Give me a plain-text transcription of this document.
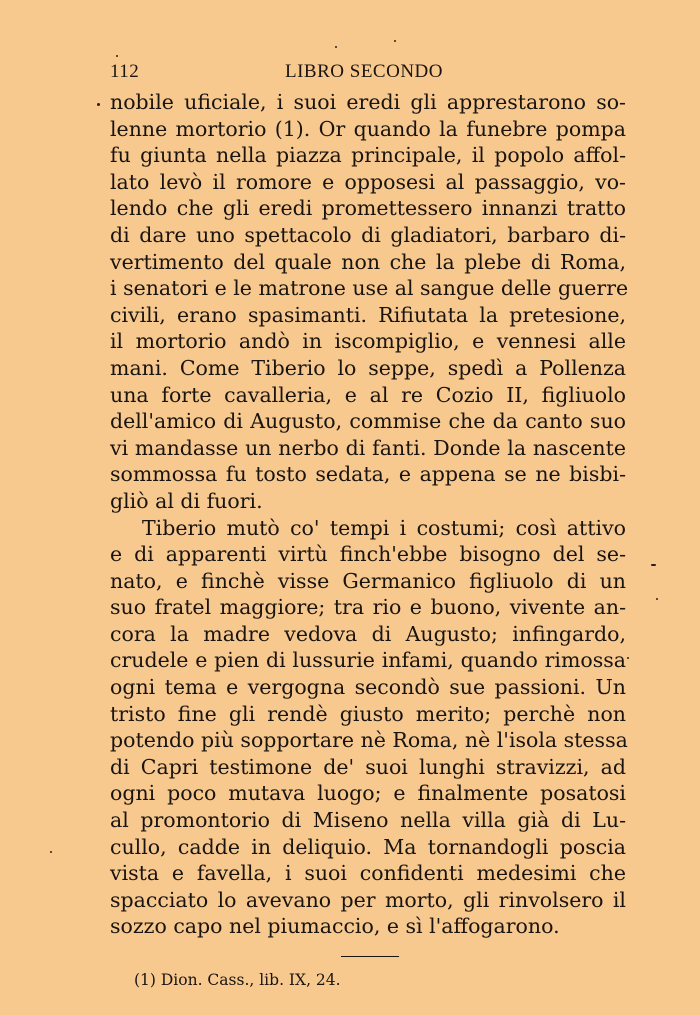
112	LIBRO SECONDO
nobile uficiale, i suoi eredi gli apprestarono so-
lenne mortorio (1). Or quando la funebre pompa
fu giunta nella piazza principale, il popolo affol-
lato levò il romore e opposesi al passaggio, vo-
lendo che gli eredi promettessero innanzi tratto
di dare uno spettacolo di gladiatori, barbaro di-
vertimento del quale non che la plebe di Roma,
i senatori e le matrone use al sangue delle guerre
civili, erano spasimanti. Rifiutata la pretesione,
il mortorio andò in iscompiglio, e vennesi alle
mani. Come Tiberio lo seppe, spedì a Pollenza
una forte cavalleria, e al re Cozio II, figliuolo
dell'amico di Augusto, commise che da canto suo
vi mandasse un nerbo di fanti. Donde la nascente
sommossa fu tosto sedata, e appena se ne bisbi-
gliò al di fuori.
Tiberio mutò co' tempi i costumi; così attivo
e di apparenti virtù finch'ebbe bisogno del se-
nato, e finchè visse Germanico figliuolo di un
suo fratel maggiore; tra rio e buono, vivente an-
cora la madre vedova di Augusto; infingardo,
crudele e pien di lussurie infami, quando rimossa
ogni tema e vergogna secondò sue passioni. Un
tristo fine gli rendè giusto merito; perchè non
potendo più sopportare nè Roma, nè l'isola stessa
di Capri testimone de' suoi lunghi stravizzi, ad
ogni poco mutava luogo; e finalmente posatosi
al promontorio di Miseno nella villa già di Lu-
cullo, cadde in deliquio. Ma tornandogli poscia
vista e favella, i suoi confidenti medesimi che
spacciato lo avevano per morto, gli rinvolsero il
sozzo capo nel piumaccio, e sì l'affogarono.
(1) Dion. Cass., lib. IX, 24.
